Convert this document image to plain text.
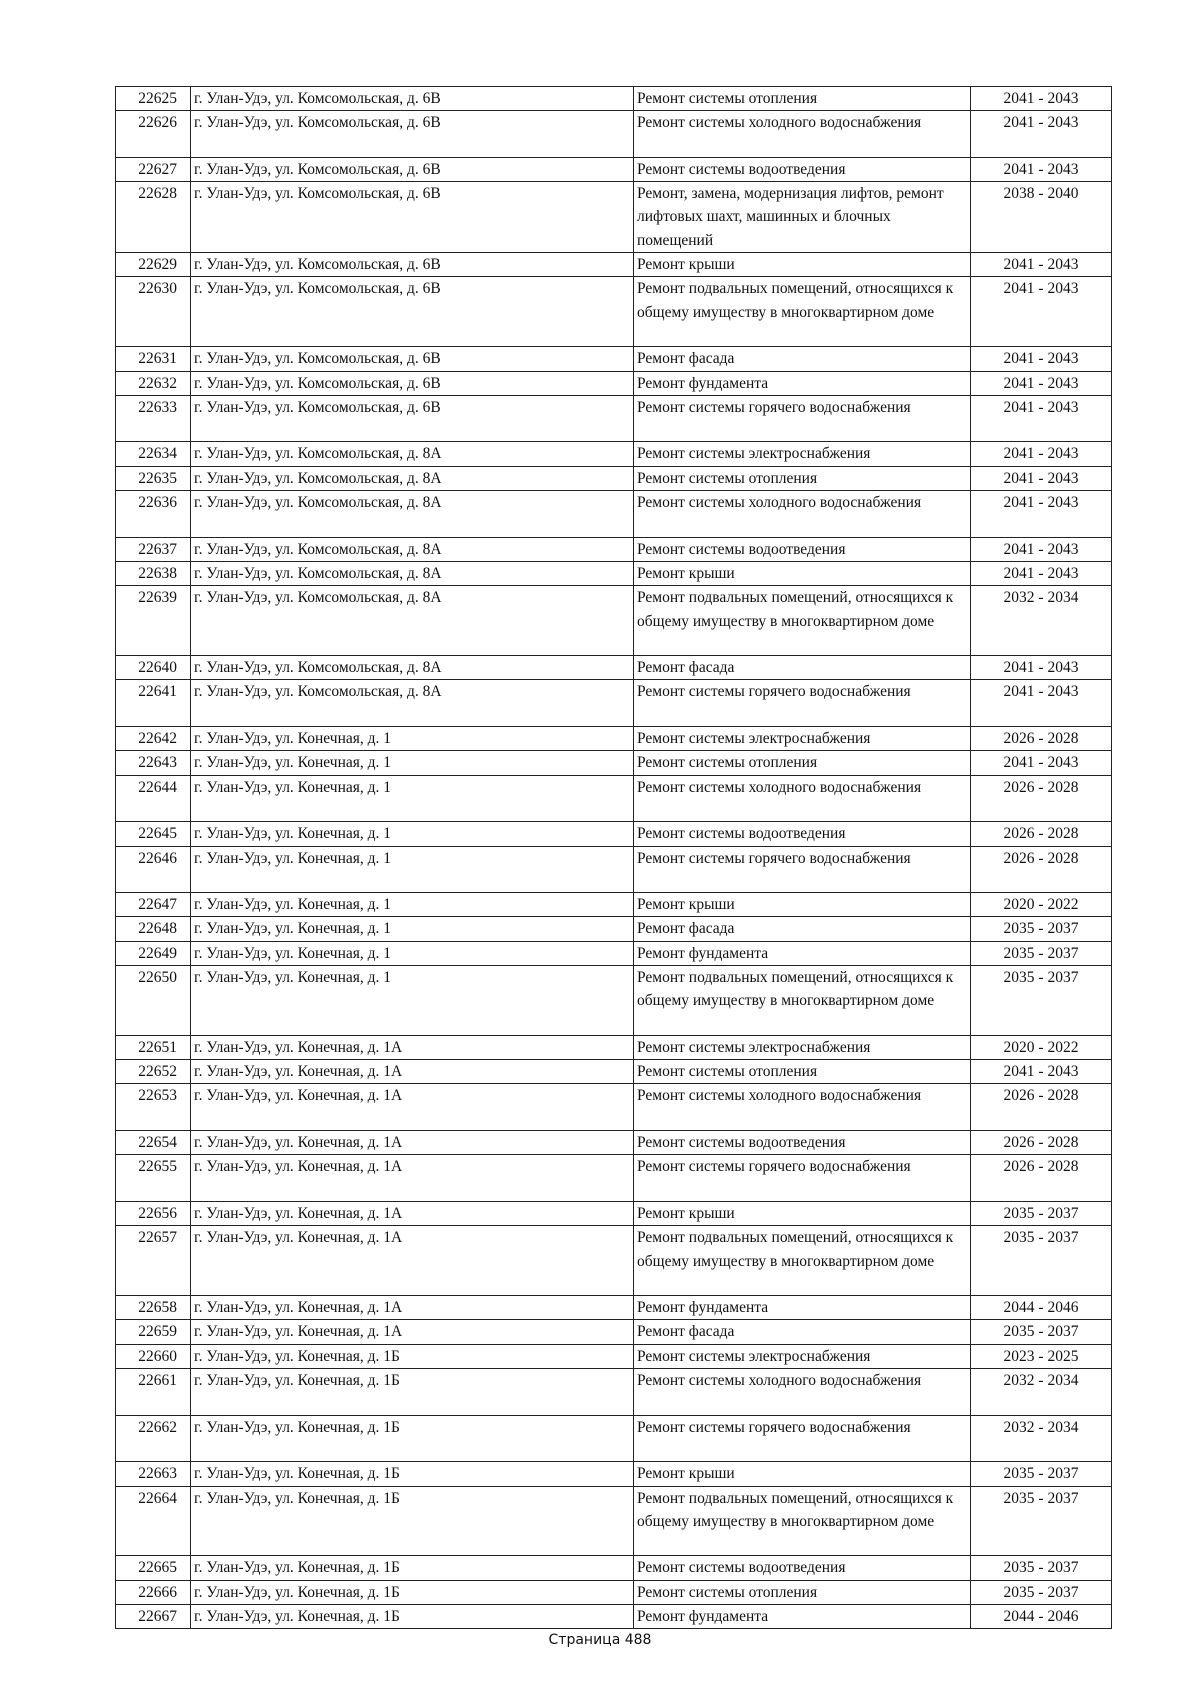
22625	г. Улан-Удэ, ул. Комсомольская, д. 6В	Ремонт системы отопления	2041 - 2043
22626	г. Улан-Удэ, ул. Комсомольская, д. 6В	Ремонт системы холодного водоснабжения	2041 - 2043
22627	г. Улан-Удэ, ул. Комсомольская, д. 6В	Ремонт системы водоотведения	2041 - 2043
22628	г. Улан-Удэ, ул. Комсомольская, д. 6В	Ремонт, замена, модернизация лифтов, ремонт лифтовых шахт, машинных и блочных помещений	2038 - 2040
22629	г. Улан-Удэ, ул. Комсомольская, д. 6В	Ремонт крыши	2041 - 2043
22630	г. Улан-Удэ, ул. Комсомольская, д. 6В	Ремонт подвальных помещений, относящихся к общему имуществу в многоквартирном доме	2041 - 2043
22631	г. Улан-Удэ, ул. Комсомольская, д. 6В	Ремонт фасада	2041 - 2043
22632	г. Улан-Удэ, ул. Комсомольская, д. 6В	Ремонт фундамента	2041 - 2043
22633	г. Улан-Удэ, ул. Комсомольская, д. 6В	Ремонт системы горячего водоснабжения	2041 - 2043
22634	г. Улан-Удэ, ул. Комсомольская, д. 8А	Ремонт системы электроснабжения	2041 - 2043
22635	г. Улан-Удэ, ул. Комсомольская, д. 8А	Ремонт системы отопления	2041 - 2043
22636	г. Улан-Удэ, ул. Комсомольская, д. 8А	Ремонт системы холодного водоснабжения	2041 - 2043
22637	г. Улан-Удэ, ул. Комсомольская, д. 8А	Ремонт системы водоотведения	2041 - 2043
22638	г. Улан-Удэ, ул. Комсомольская, д. 8А	Ремонт крыши	2041 - 2043
22639	г. Улан-Удэ, ул. Комсомольская, д. 8А	Ремонт подвальных помещений, относящихся к общему имуществу в многоквартирном доме	2032 - 2034
22640	г. Улан-Удэ, ул. Комсомольская, д. 8А	Ремонт фасада	2041 - 2043
22641	г. Улан-Удэ, ул. Комсомольская, д. 8А	Ремонт системы горячего водоснабжения	2041 - 2043
22642	г. Улан-Удэ, ул. Конечная, д. 1	Ремонт системы электроснабжения	2026 - 2028
22643	г. Улан-Удэ, ул. Конечная, д. 1	Ремонт системы отопления	2041 - 2043
22644	г. Улан-Удэ, ул. Конечная, д. 1	Ремонт системы холодного водоснабжения	2026 - 2028
22645	г. Улан-Удэ, ул. Конечная, д. 1	Ремонт системы водоотведения	2026 - 2028
22646	г. Улан-Удэ, ул. Конечная, д. 1	Ремонт системы горячего водоснабжения	2026 - 2028
22647	г. Улан-Удэ, ул. Конечная, д. 1	Ремонт крыши	2020 - 2022
22648	г. Улан-Удэ, ул. Конечная, д. 1	Ремонт фасада	2035 - 2037
22649	г. Улан-Удэ, ул. Конечная, д. 1	Ремонт фундамента	2035 - 2037
22650	г. Улан-Удэ, ул. Конечная, д. 1	Ремонт подвальных помещений, относящихся к общему имуществу в многоквартирном доме	2035 - 2037
22651	г. Улан-Удэ, ул. Конечная, д. 1А	Ремонт системы электроснабжения	2020 - 2022
22652	г. Улан-Удэ, ул. Конечная, д. 1А	Ремонт системы отопления	2041 - 2043
22653	г. Улан-Удэ, ул. Конечная, д. 1А	Ремонт системы холодного водоснабжения	2026 - 2028
22654	г. Улан-Удэ, ул. Конечная, д. 1А	Ремонт системы водоотведения	2026 - 2028
22655	г. Улан-Удэ, ул. Конечная, д. 1А	Ремонт системы горячего водоснабжения	2026 - 2028
22656	г. Улан-Удэ, ул. Конечная, д. 1А	Ремонт крыши	2035 - 2037
22657	г. Улан-Удэ, ул. Конечная, д. 1А	Ремонт подвальных помещений, относящихся к общему имуществу в многоквартирном доме	2035 - 2037
22658	г. Улан-Удэ, ул. Конечная, д. 1А	Ремонт фундамента	2044 - 2046
22659	г. Улан-Удэ, ул. Конечная, д. 1А	Ремонт фасада	2035 - 2037
22660	г. Улан-Удэ, ул. Конечная, д. 1Б	Ремонт системы электроснабжения	2023 - 2025
22661	г. Улан-Удэ, ул. Конечная, д. 1Б	Ремонт системы холодного водоснабжения	2032 - 2034
22662	г. Улан-Удэ, ул. Конечная, д. 1Б	Ремонт системы горячего водоснабжения	2032 - 2034
22663	г. Улан-Удэ, ул. Конечная, д. 1Б	Ремонт крыши	2035 - 2037
22664	г. Улан-Удэ, ул. Конечная, д. 1Б	Ремонт подвальных помещений, относящихся к общему имуществу в многоквартирном доме	2035 - 2037
22665	г. Улан-Удэ, ул. Конечная, д. 1Б	Ремонт системы водоотведения	2035 - 2037
22666	г. Улан-Удэ, ул. Конечная, д. 1Б	Ремонт системы отопления	2035 - 2037
22667	г. Улан-Удэ, ул. Конечная, д. 1Б	Ремонт фундамента	2044 - 2046
Страница 488
